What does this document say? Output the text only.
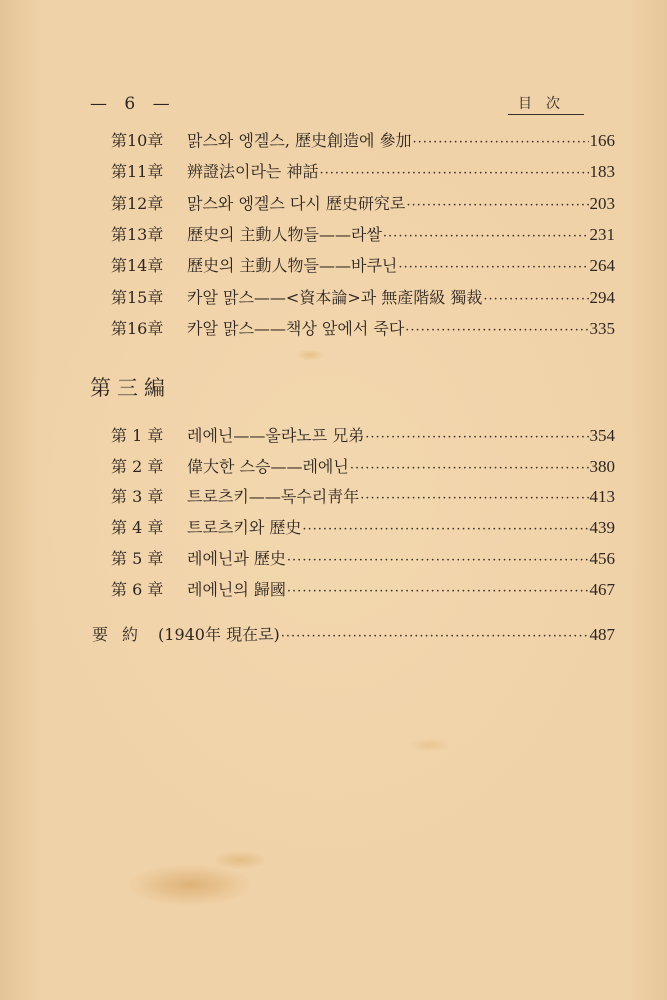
— 6 —	目次
第10章	맑스와 엥겔스, 歷史創造에 參加 ·····	166
第11章	辨證法이라는 神話 ·····	183
第12章	맑스와 엥겔스 다시 歷史研究로 ·····	203
第13章	歷史의 主動人物들——라쌀 ·····	231
第14章	歷史의 主動人物들——바쿠닌 ·····	264
第15章	카알 맑스——<資本論>과 無產階級 獨裁 ·····	294
第16章	카알 맑스——책상 앞에서 죽다 ·····	335
第三編
第 1 章	레에닌——울랴노프 兄弟 ·····	354
第 2 章	偉大한 스승——레에닌 ·····	380
第 3 章	트로츠키——독수리靑年 ·····	413
第 4 章	트로츠키와 歷史 ·····	439
第 5 章	레에닌과 歷史 ·····	456
第 6 章	레에닌의 歸國 ·····	467
要約 (1940年 現在로) ·····	487
